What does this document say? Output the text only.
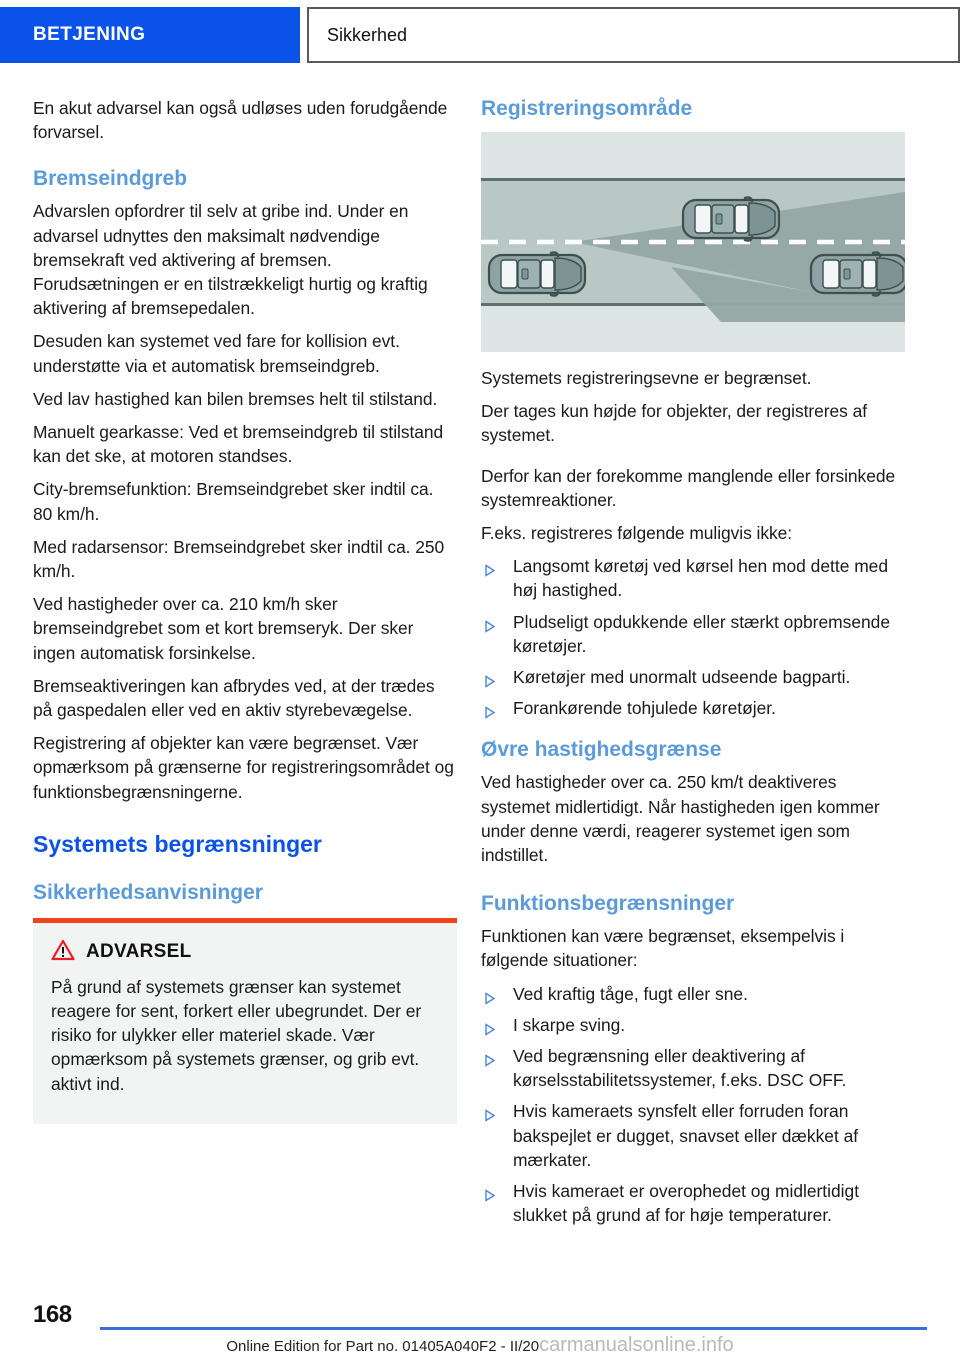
BETJENING	Sikkerhed

En akut advarsel kan også udløses uden forudgående forvarsel.

Bremseindgreb

Advarslen opfordrer til selv at gribe ind. Under en advarsel udnyttes den maksimalt nødvendige bremsekraft ved aktivering af bremsen. Forudsætningen er en tilstrækkeligt hurtig og kraftig aktivering af bremsepedalen.

Desuden kan systemet ved fare for kollision evt. understøtte via et automatisk bremseindgreb.

Ved lav hastighed kan bilen bremses helt til stilstand.

Manuelt gearkasse: Ved et bremseindgreb til stilstand kan det ske, at motoren standses.

City-bremsefunktion: Bremseindgrebet sker indtil ca. 80 km/h.

Med radarsensor: Bremseindgrebet sker indtil ca. 250 km/h.

Ved hastigheder over ca. 210 km/h sker bremseindgrebet som et kort bremseryk. Der sker ingen automatisk forsinkelse.

Bremseaktiveringen kan afbrydes ved, at der trædes på gaspedalen eller ved en aktiv styrebevægelse.

Registrering af objekter kan være begrænset. Vær opmærksom på grænserne for registreringsområdet og funktionsbegrænsningerne.

Systemets begrænsninger
Sikkerhedsanvisninger
ADVARSEL

På grund af systemets grænser kan systemet reagere for sent, forkert eller ubegrundet. Der er risiko for ulykker eller materiel skade. Vær opmærksom på systemets grænser, og grib evt. aktivt ind.

Registreringsområde

Systemets registreringsevne er begrænset.

Der tages kun højde for objekter, der registreres af systemet.

Derfor kan der forekomme manglende eller forsinkede systemreaktioner.

F.eks. registreres følgende muligvis ikke:

Langsomt køretøj ved kørsel hen mod dette med høj hastighed.
Pludseligt opdukkende eller stærkt opbremsende køretøjer.
Køretøjer med unormalt udseende bagparti.
Forankørende tohjulede køretøjer.
Øvre hastighedsgrænse

Ved hastigheder over ca. 250 km/t deaktiveres systemet midlertidigt. Når hastigheden igen kommer under denne værdi, reagerer systemet igen som indstillet.

Funktionsbegrænsninger

Funktionen kan være begrænset, eksempelvis i følgende situationer:

Ved kraftig tåge, fugt eller sne.
I skarpe sving.
Ved begrænsning eller deaktivering af kørselsstabilitetssystemer, f.eks. DSC OFF.
Hvis kameraets synsfelt eller forruden foran bakspejlet er dugget, snavset eller dækket af mærkater.
Hvis kameraet er overophedet og midlertidigt slukket på grund af for høje temperaturer.
168
Online Edition for Part no. 01405A040F2 - II/20carmanualsonline.info
